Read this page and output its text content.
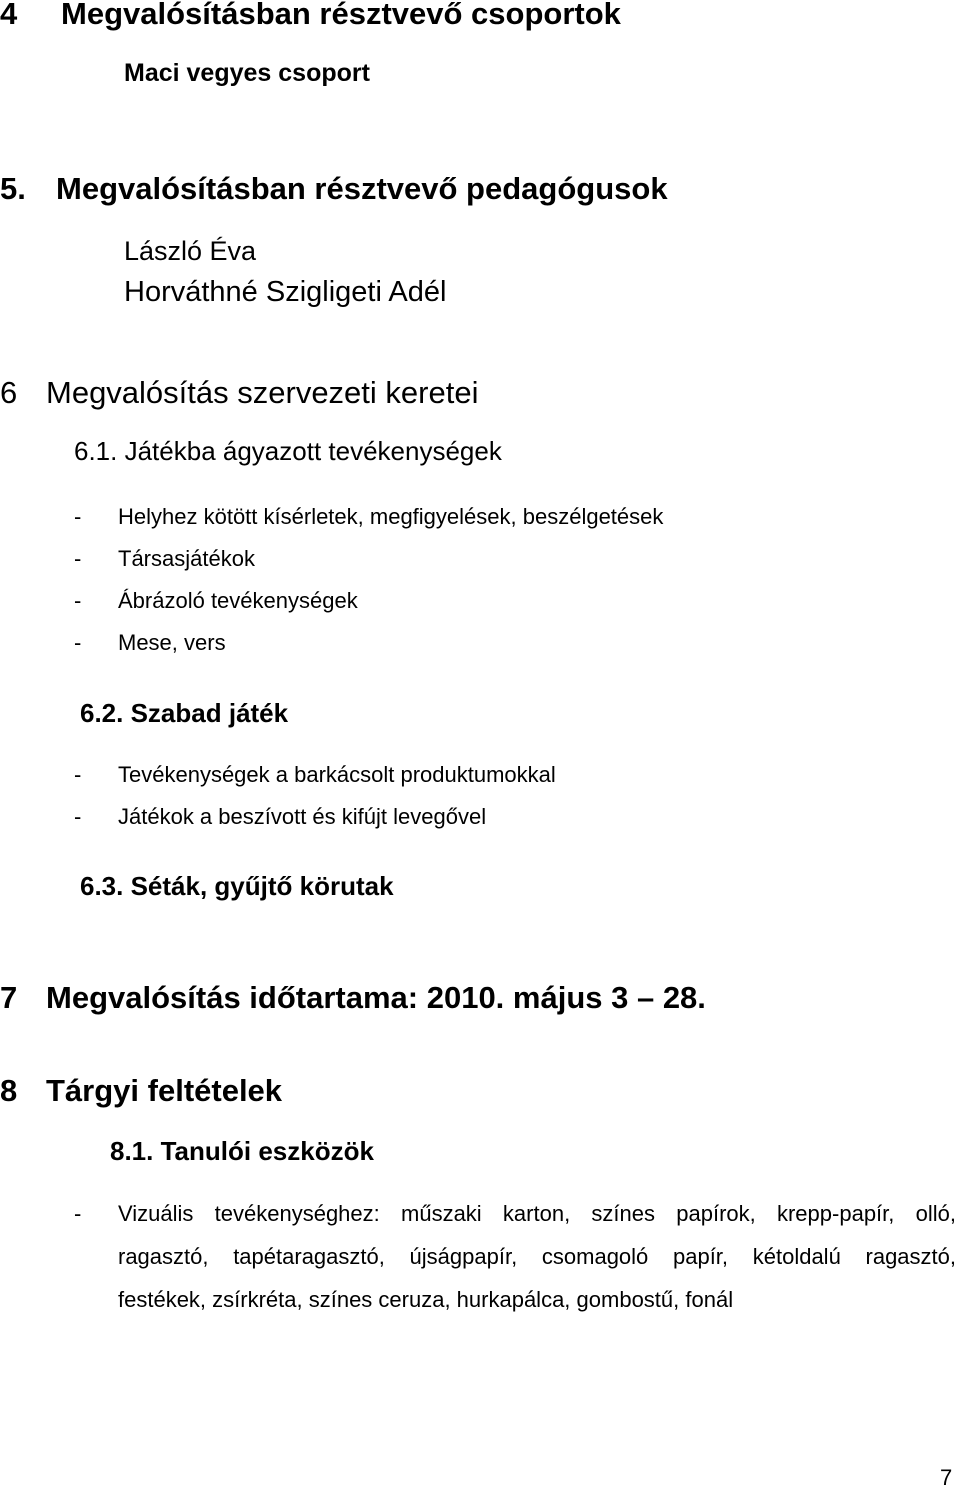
4 Megvalósításban résztvevő csoportok
Maci vegyes csoport
5. Megvalósításban résztvevő pedagógusok
László Éva
Horváthné Szigligeti Adél
6 Megvalósítás szervezeti keretei
6.1. Játékba ágyazott tevékenységek
- Helyhez kötött kísérletek, megfigyelések, beszélgetések
- Társasjátékok
- Ábrázoló tevékenységek
- Mese, vers
6.2. Szabad játék
- Tevékenységek a barkácsolt produktumokkal
- Játékok a beszívott és kifújt levegővel
6.3. Séták, gyűjtő körutak
7 Megvalósítás időtartama: 2010. május 3 – 28.
8 Tárgyi feltételek
8.1. Tanulói eszközök
- Vizuális tevékenységhez: műszaki karton, színes papírok, krepp-papír, olló,
ragasztó, tapétaragasztó, újságpapír, csomagoló papír, kétoldalú ragasztó,
festékek, zsírkréta, színes ceruza, hurkapálca, gombostű, fonál
7
